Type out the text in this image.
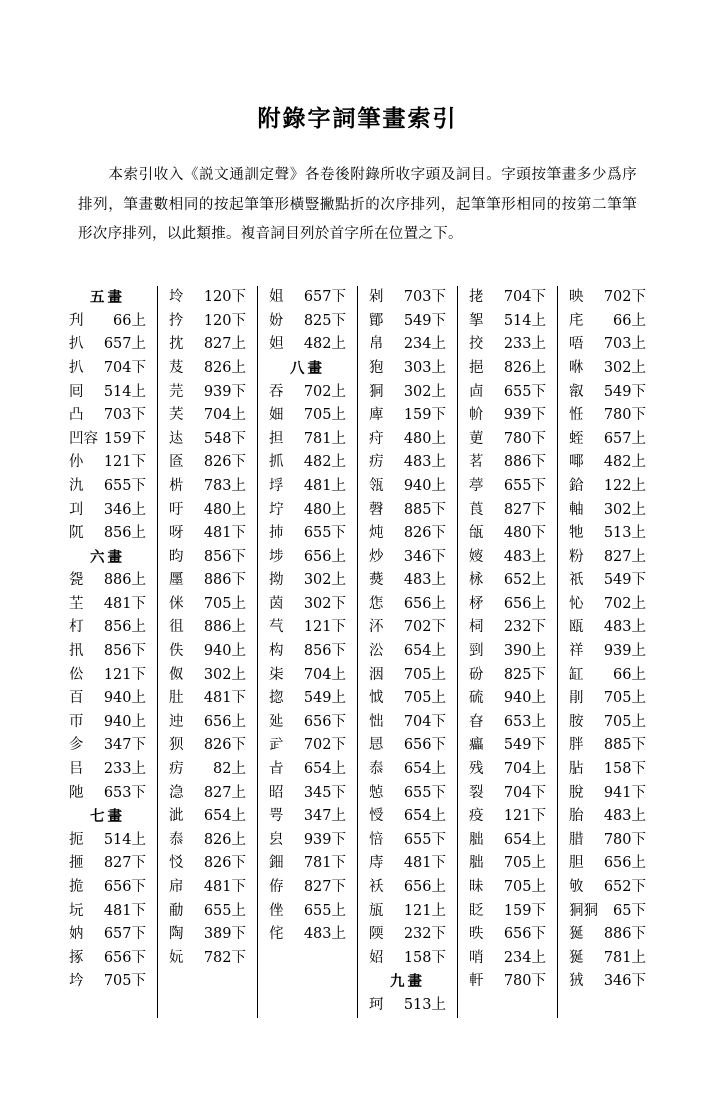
附錄字詞筆畫索引
本索引收入《説文通訓定聲》各卷後附錄所收字頭及詞目。字頭按筆畫多少爲序排列，筆畫數相同的按起筆筆形橫豎撇點折的次序排列，起筆筆形相同的按第二筆筆形次序排列，以此類推。複音詞目列於首字所在位置之下。
五畫
刋 66上
扒 657上
扒 704下
囘 514上
凸 703下
凹容 159下
仦 121下
氿 655下
㓚 346上
阢 856上
六畫
㼝 886上
芏 481下
朾 856上
扟 856下
伀 121下
百 940上
帀 940上
㐱 347下
㠯 233上
阤 653下
七畫
扼 514上
㧜 827下
㧪 656下
坃 481下
妠 657下
㧻 656下
坅 705下
坽 120下
扲 120下
抌 827上
芨 826上
芫 939下
芺 704上
迏 548下
匼 826下
㭊 783上
吁 480上
呀 481下
昀 856下
㕓 886下
侎 705上
徂 886上
佚 940上
伮 302上
肚 481下
迚 656上
狈 826下
疠 82上
㴔 827上
泚 654上
㤗 826上
㤊 826下
帍 481下
勈 655上
陶 389下
妧 782下
姐 657下
妢 825下
妲 482上
八畫
吞 702上
㚼 705上
担 781上
抓 482上
垺 481上
坾 480上
㧊 655下
埗 656上
拗 302上
茵 302下
芞 121下
构 856下
㭍 704上
㧾 549上
㢟 656下
㱐 702下
㫖 654上
昭 345下
咢 347上
㿝 939下
鈿 781下
侟 827下
侳 655上
侘 483上
剁 703下
鄮 549下
帛 234上
狍 303上
狪 302上
庳 159下
疛 480上
疠 483上
瓴 940上
㲈 885下
炖 826下
炒 346下
㷼 483上
㤰 656上
㳅 702下
㳂 654上
洇 705上
怴 705上
㤕 704下
㤙 656下
㤗 654上
㥈 655下
㥅 654上
㥉 655下
庤 481下
袄 656上
瓬 121上
陾 232下
妱 158下
九畫
珂 513上
㧯 704下
挐 514上
挍 233上
挹 826上
㔽 655下
㠹 939下
莄 780下
茗 886下
葶 655下
莨 827下
瓵 480下
㛮 483上
栐 652上
柕 656上
柌 232下
剄 390上
砏 825下
硫 940上
昚 653上
㿔 549下
残 704上
裂 704下
疫 121下
胐 654上
胐 705上
昧 705上
眨 159下
昳 656下
哨 234上
軒 780下
映 702下
㡯 66上
唔 703上
咻 302上
㕡 549下
㤛 780下
蛭 657上
㖿 482上
鉿 122上
軸 302上
牠 513上
粉 827上
祇 549下
㤈 702上
瓯 483上
祥 939上
缸 66上
剈 705上
胺 705上
胖 885下
胋 158下
脫 941下
胎 483上
腊 780下
胆 656上
敂 652下
狪狪 65下
狿 886下
狿 781上
狨 346下
